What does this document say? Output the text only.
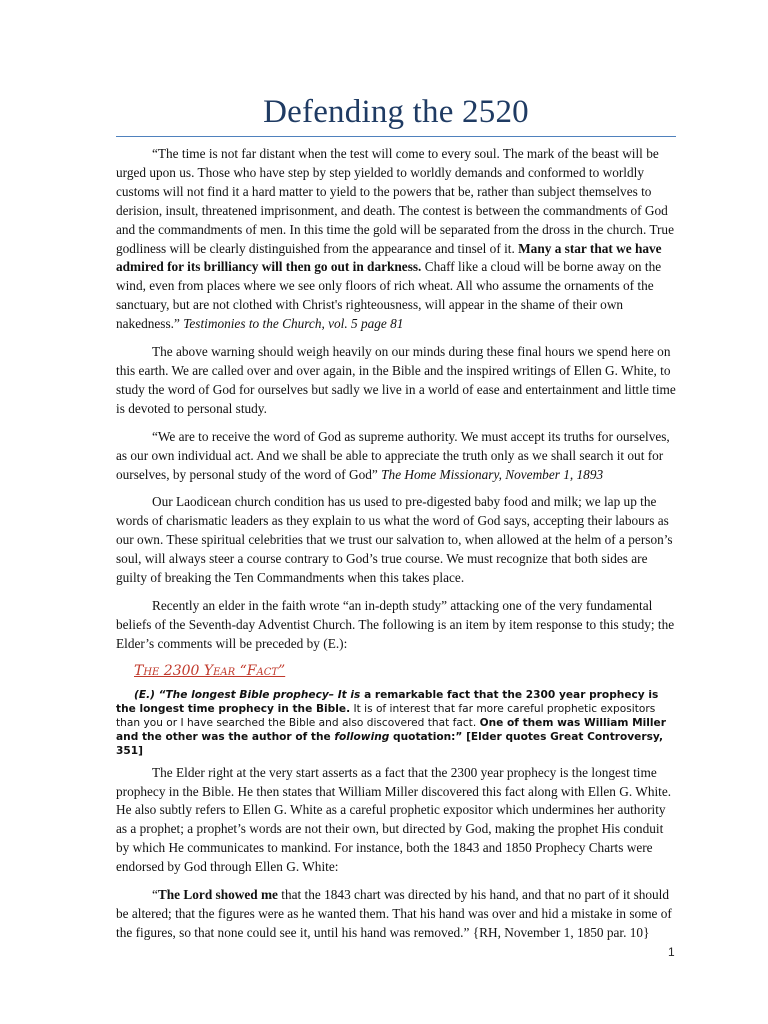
Defending the 2520

“The time is not far distant when the test will come to every soul. The mark of the beast will be urged upon us. Those who have step by step yielded to worldly demands and conformed to worldly customs will not find it a hard matter to yield to the powers that be, rather than subject themselves to derision, insult, threatened imprisonment, and death. The contest is between the commandments of God and the commandments of men. In this time the gold will be separated from the dross in the church. True godliness will be clearly distinguished from the appearance and tinsel of it. Many a star that we have admired for its brilliancy will then go out in darkness. Chaff like a cloud will be borne away on the wind, even from places where we see only floors of rich wheat. All who assume the ornaments of the sanctuary, but are not clothed with Christ's righteousness, will appear in the shame of their own nakedness.” Testimonies to the Church, vol. 5 page 81

The above warning should weigh heavily on our minds during these final hours we spend here on this earth. We are called over and over again, in the Bible and the inspired writings of Ellen G. White, to study the word of God for ourselves but sadly we live in a world of ease and entertainment and little time is devoted to personal study.

“We are to receive the word of God as supreme authority. We must accept its truths for ourselves, as our own individual act. And we shall be able to appreciate the truth only as we shall search it out for ourselves, by personal study of the word of God” The Home Missionary, November 1, 1893

Our Laodicean church condition has us used to pre-digested baby food and milk; we lap up the words of charismatic leaders as they explain to us what the word of God says, accepting their labours as our own. These spiritual celebrities that we trust our salvation to, when allowed at the helm of a person’s soul, will always steer a course contrary to God’s true course. We must recognize that both sides are guilty of breaking the Ten Commandments when this takes place.

Recently an elder in the faith wrote “an in-depth study” attacking one of the very fundamental beliefs of the Seventh-day Adventist Church. The following is an item by item response to this study; the Elder’s comments will be preceded by (E.):

The 2300 Year “Fact”

(E.) “The longest Bible prophecy– It is a remarkable fact that the 2300 year prophecy is the longest time prophecy in the Bible. It is of interest that far more careful prophetic expositors than you or I have searched the Bible and also discovered that fact. One of them was William Miller and the other was the author of the following quotation:” [Elder quotes Great Controversy, 351]

The Elder right at the very start asserts as a fact that the 2300 year prophecy is the longest time prophecy in the Bible. He then states that William Miller discovered this fact along with Ellen G. White. He also subtly refers to Ellen G. White as a careful prophetic expositor which undermines her authority as a prophet; a prophet’s words are not their own, but directed by God, making the prophet His conduit by which He communicates to mankind. For instance, both the 1843 and 1850 Prophecy Charts were endorsed by God through Ellen G. White:

“The Lord showed me that the 1843 chart was directed by his hand, and that no part of it should be altered; that the figures were as he wanted them. That his hand was over and hid a mistake in some of the figures, so that none could see it, until his hand was removed.” {RH, November 1, 1850 par. 10}

1
